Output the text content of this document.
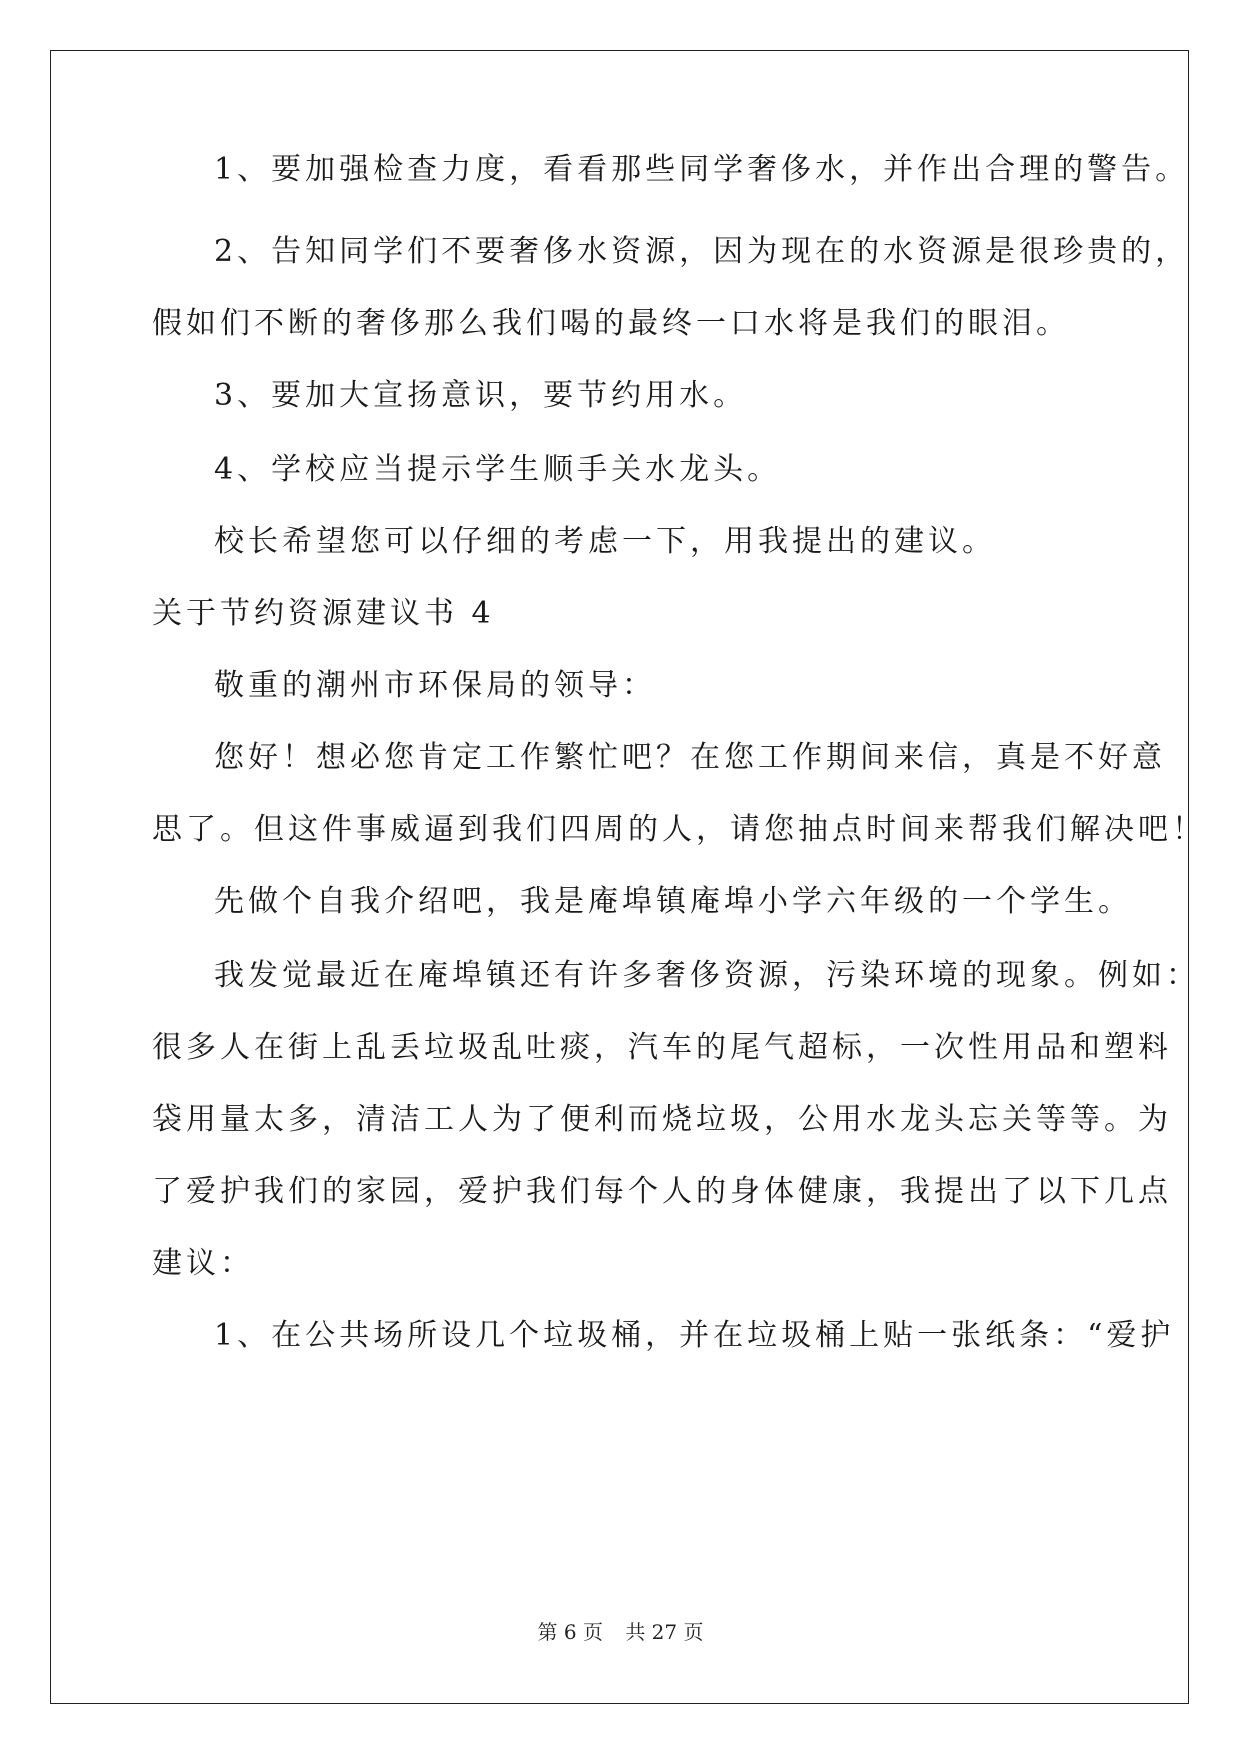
1、要加强检查力度，看看那些同学奢侈水，并作出合理的警告。
2、告知同学们不要奢侈水资源，因为现在的水资源是很珍贵的，
假如们不断的奢侈那么我们喝的最终一口水将是我们的眼泪。
3、要加大宣扬意识，要节约用水。
4、学校应当提示学生顺手关水龙头。
校长希望您可以仔细的考虑一下，用我提出的建议。
关于节约资源建议书 4
敬重的潮州市环保局的领导：
您好！想必您肯定工作繁忙吧？在您工作期间来信，真是不好意
思了。但这件事威逼到我们四周的人，请您抽点时间来帮我们解决吧！
先做个自我介绍吧，我是庵埠镇庵埠小学六年级的一个学生。
我发觉最近在庵埠镇还有许多奢侈资源，污染环境的现象。例如：
很多人在街上乱丢垃圾乱吐痰，汽车的尾气超标，一次性用品和塑料
袋用量太多，清洁工人为了便利而烧垃圾，公用水龙头忘关等等。为
了爱护我们的家园，爱护我们每个人的身体健康，我提出了以下几点
建议：
1、在公共场所设几个垃圾桶，并在垃圾桶上贴一张纸条：“爱护
第 6 页 共 27 页
